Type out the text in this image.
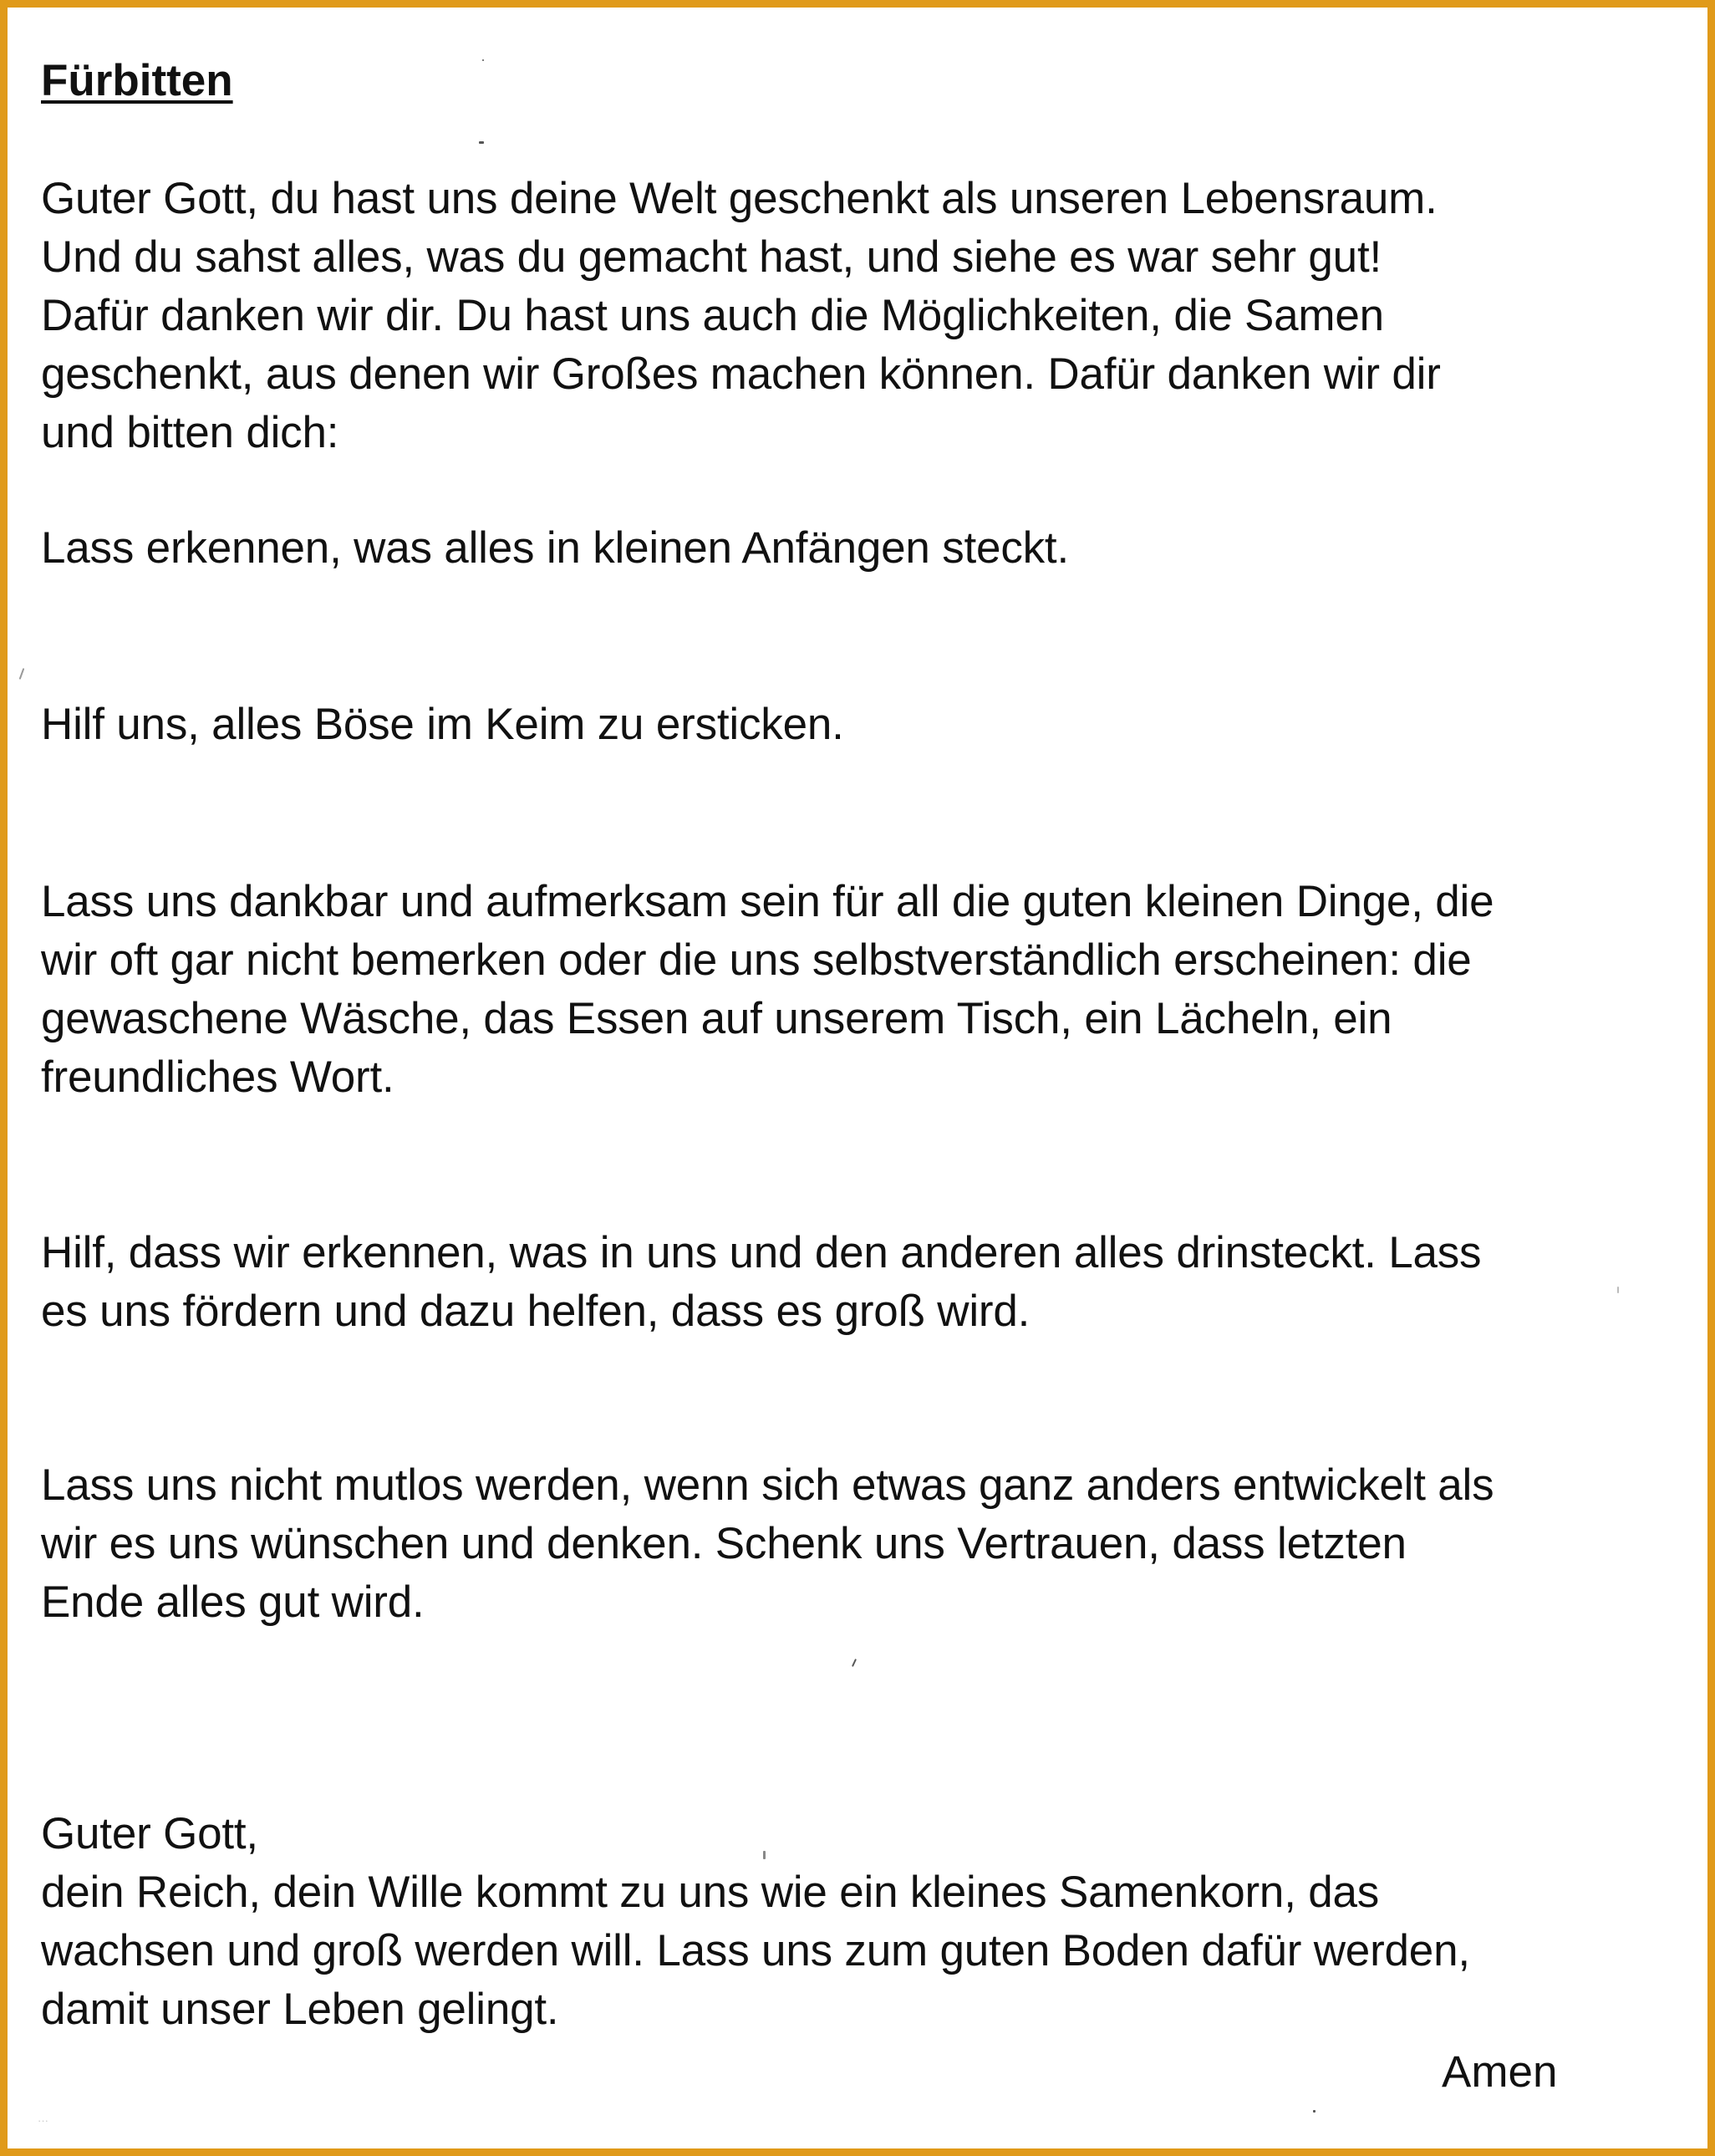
Fürbitten

Guter Gott, du hast uns deine Welt geschenkt als unseren Lebensraum.

Und du sahst alles, was du gemacht hast, und siehe es war sehr gut!

Dafür danken wir dir. Du hast uns auch die Möglichkeiten, die Samen

geschenkt, aus denen wir Großes machen können. Dafür danken wir dir

und bitten dich:

Lass erkennen, was alles in kleinen Anfängen steckt.

Hilf uns, alles Böse im Keim zu ersticken.

Lass uns dankbar und aufmerksam sein für all die guten kleinen Dinge, die

wir oft gar nicht bemerken oder die uns selbstverständlich erscheinen: die

gewaschene Wäsche, das Essen auf unserem Tisch, ein Lächeln, ein

freundliches Wort.

Hilf, dass wir erkennen, was in uns und den anderen alles drinsteckt. Lass

es uns fördern und dazu helfen, dass es groß wird.

Lass uns nicht mutlos werden, wenn sich etwas ganz anders entwickelt als

wir es uns wünschen und denken. Schenk uns Vertrauen, dass letzten

Ende alles gut wird.

Guter Gott,

dein Reich, dein Wille kommt zu uns wie ein kleines Samenkorn, das

wachsen und groß werden will. Lass uns zum guten Boden dafür werden,

damit unser Leben gelingt.

Amen

···
